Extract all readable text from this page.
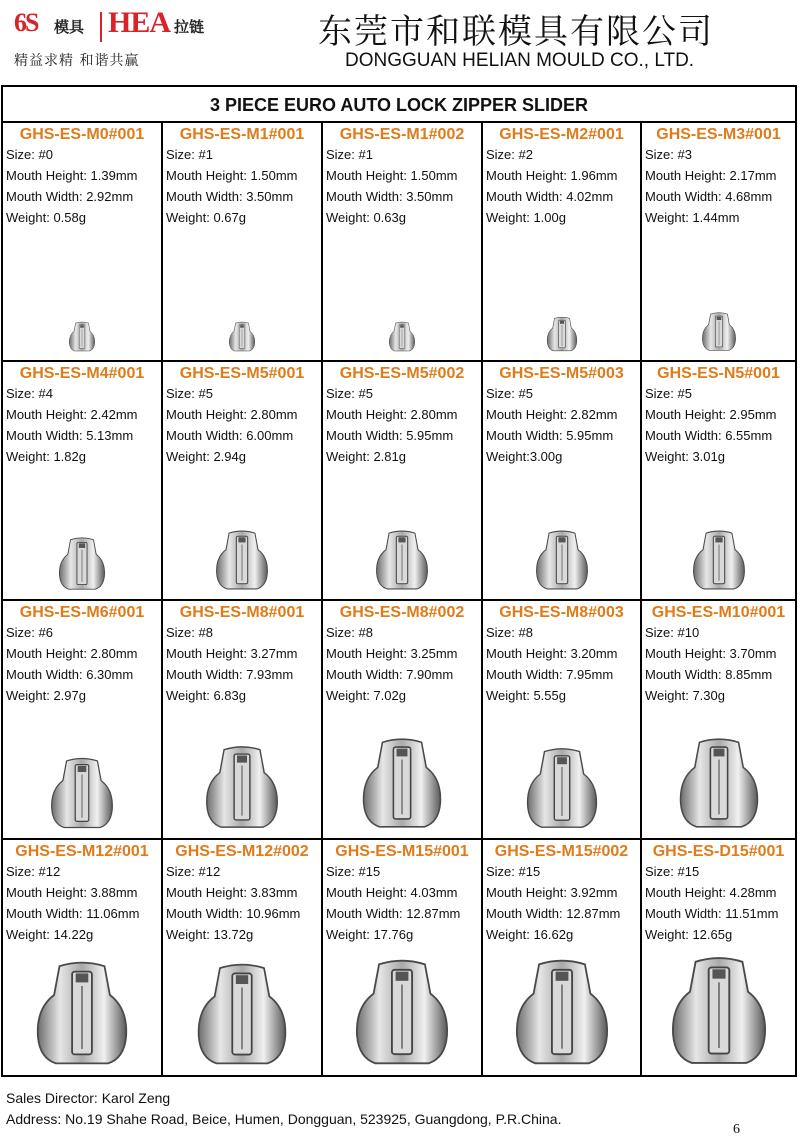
6S 模具 HEA 拉链
精益求精 和谐共赢
东莞市和联模具有限公司
DONGGUAN HELIAN MOULD CO., LTD.
3 PIECE EURO AUTO LOCK ZIPPER SLIDER
GHS-ES-M0#001
Size: #0
Mouth Height: 1.39mm
Mouth Width: 2.92mm
Weight: 0.58g
GHS-ES-M1#001
Size: #1
Mouth Height: 1.50mm
Mouth Width: 3.50mm
Weight: 0.67g
GHS-ES-M1#002
Size: #1
Mouth Height: 1.50mm
Mouth Width: 3.50mm
Weight: 0.63g
GHS-ES-M2#001
Size: #2
Mouth Height: 1.96mm
Mouth Width: 4.02mm
Weight: 1.00g
GHS-ES-M3#001
Size: #3
Mouth Height: 2.17mm
Mouth Width: 4.68mm
Weight: 1.44mm
GHS-ES-M4#001
Size: #4
Mouth Height: 2.42mm
Mouth Width: 5.13mm
Weight: 1.82g
GHS-ES-M5#001
Size: #5
Mouth Height: 2.80mm
Mouth Width: 6.00mm
Weight: 2.94g
GHS-ES-M5#002
Size: #5
Mouth Height: 2.80mm
Mouth Width: 5.95mm
Weight: 2.81g
GHS-ES-M5#003
Size: #5
Mouth Height: 2.82mm
Mouth Width: 5.95mm
Weight:3.00g
GHS-ES-N5#001
Size: #5
Mouth Height: 2.95mm
Mouth Width: 6.55mm
Weight: 3.01g
GHS-ES-M6#001
Size: #6
Mouth Height: 2.80mm
Mouth Width: 6.30mm
Weight: 2.97g
GHS-ES-M8#001
Size: #8
Mouth Height: 3.27mm
Mouth Width: 7.93mm
Weight: 6.83g
GHS-ES-M8#002
Size: #8
Mouth Height: 3.25mm
Mouth Width: 7.90mm
Weight: 7.02g
GHS-ES-M8#003
Size: #8
Mouth Height: 3.20mm
Mouth Width: 7.95mm
Weight: 5.55g
GHS-ES-M10#001
Size: #10
Mouth Height: 3.70mm
Mouth Width: 8.85mm
Weight: 7.30g
GHS-ES-M12#001
Size: #12
Mouth Height: 3.88mm
Mouth Width: 11.06mm
Weight: 14.22g
GHS-ES-M12#002
Size: #12
Mouth Height: 3.83mm
Mouth Width: 10.96mm
Weight: 13.72g
GHS-ES-M15#001
Size: #15
Mouth Height: 4.03mm
Mouth Width: 12.87mm
Weight: 17.76g
GHS-ES-M15#002
Size: #15
Mouth Height: 3.92mm
Mouth Width: 12.87mm
Weight: 16.62g
GHS-ES-D15#001
Size: #15
Mouth Height: 4.28mm
Mouth Width: 11.51mm
Weight: 12.65g
Sales Director: Karol Zeng
Address: No.19 Shahe Road, Beice, Humen, Dongguan, 523925, Guangdong, P.R.China.
6
